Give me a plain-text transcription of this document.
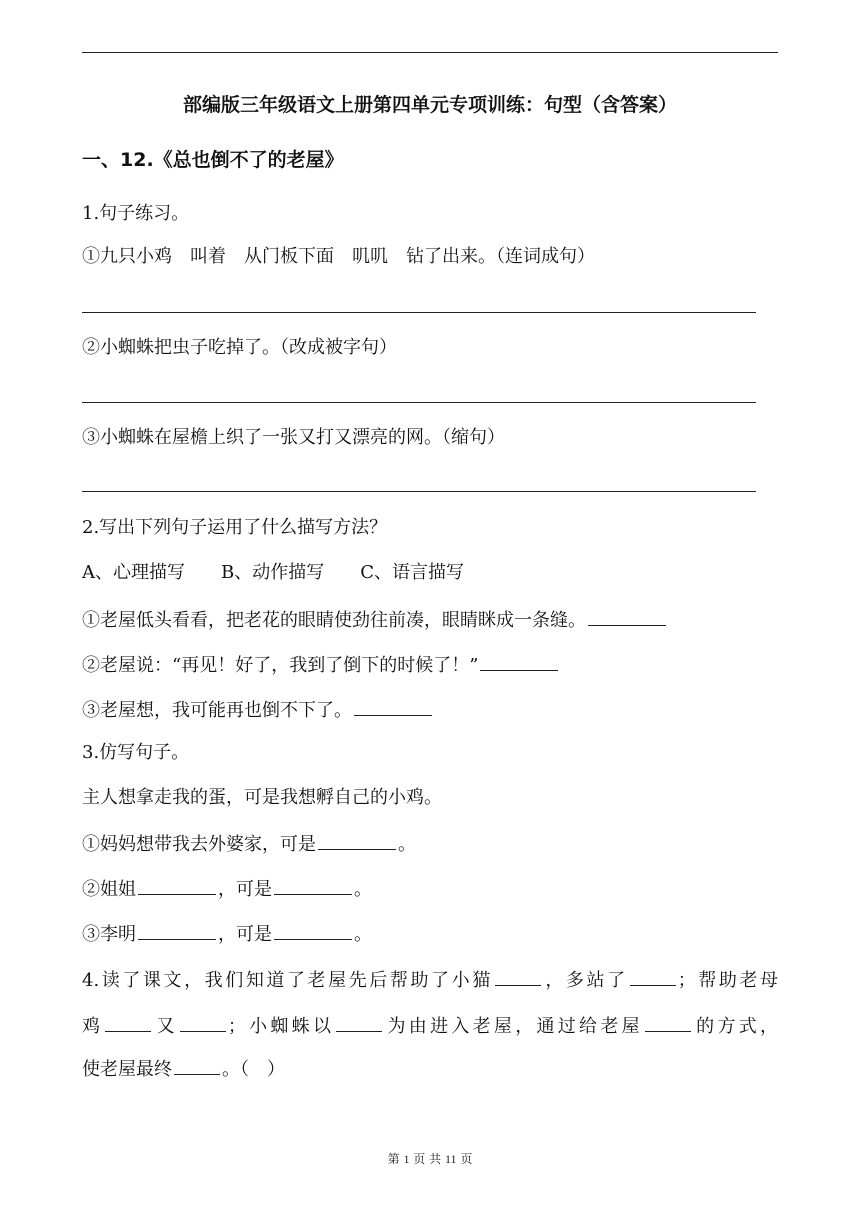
部编版三年级语文上册第四单元专项训练：句型（含答案）
一、12.《总也倒不了的老屋》
1.句子练习。
①九只小鸡　叫着　从门板下面　叽叽　钻了出来。（连词成句）
②小蜘蛛把虫子吃掉了。（改成被字句）
③小蜘蛛在屋檐上织了一张又打又漂亮的网。（缩句）
2.写出下列句子运用了什么描写方法？
A、心理描写　　B、动作描写　　C、语言描写
①老屋低头看看，把老花的眼睛使劲往前凑，眼睛眯成一条缝。
②老屋说：“再见！好了，我到了倒下的时候了！”
③老屋想，我可能再也倒不下了。
3.仿写句子。
主人想拿走我的蛋，可是我想孵自己的小鸡。
①妈妈想带我去外婆家，可是	。
②姐姐	，可是	。
③李明	，可是	。
4.读了课文，我们知道了老屋先后帮助了小猫	，多站了	；帮助老母
鸡	又	；小蜘蛛以	为由进入老屋，通过给老屋	的方式，
使老屋最终	。（　）
第 1 页 共 11 页
